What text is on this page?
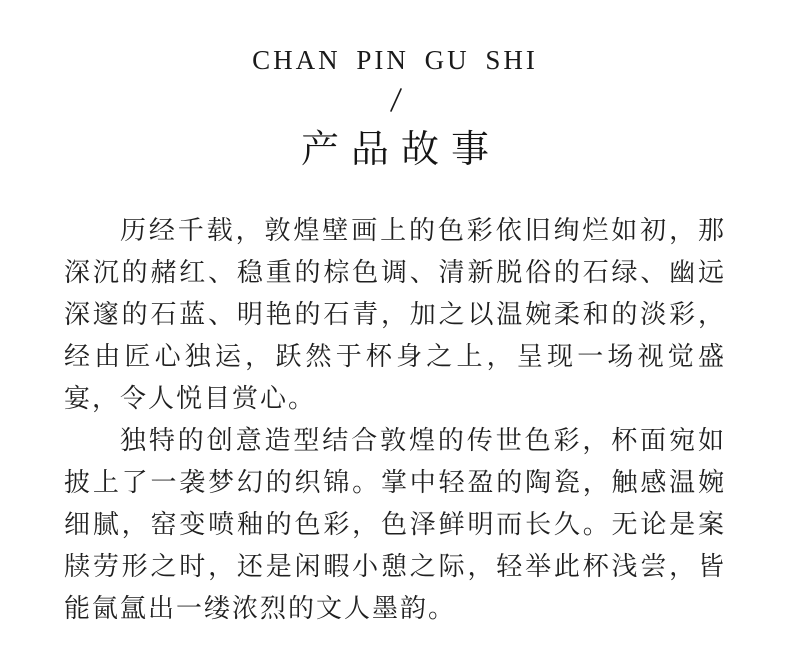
CHAN PIN GU SHI
产品故事

历经千载，敦煌壁画上的色彩依旧绚烂如初，那深沉的赭红、稳重的棕色调、清新脱俗的石绿、幽远深邃的石蓝、明艳的石青，加之以温婉柔和的淡彩，经由匠心独运，跃然于杯身之上，呈现一场视觉盛宴，令人悦目赏心。

独特的创意造型结合敦煌的传世色彩，杯面宛如披上了一袭梦幻的织锦。掌中轻盈的陶瓷，触感温婉细腻，窑变喷釉的色彩，色泽鲜明而长久。无论是案牍劳形之时，还是闲暇小憩之际，轻举此杯浅尝，皆能氤氲出一缕浓烈的文人墨韵。
